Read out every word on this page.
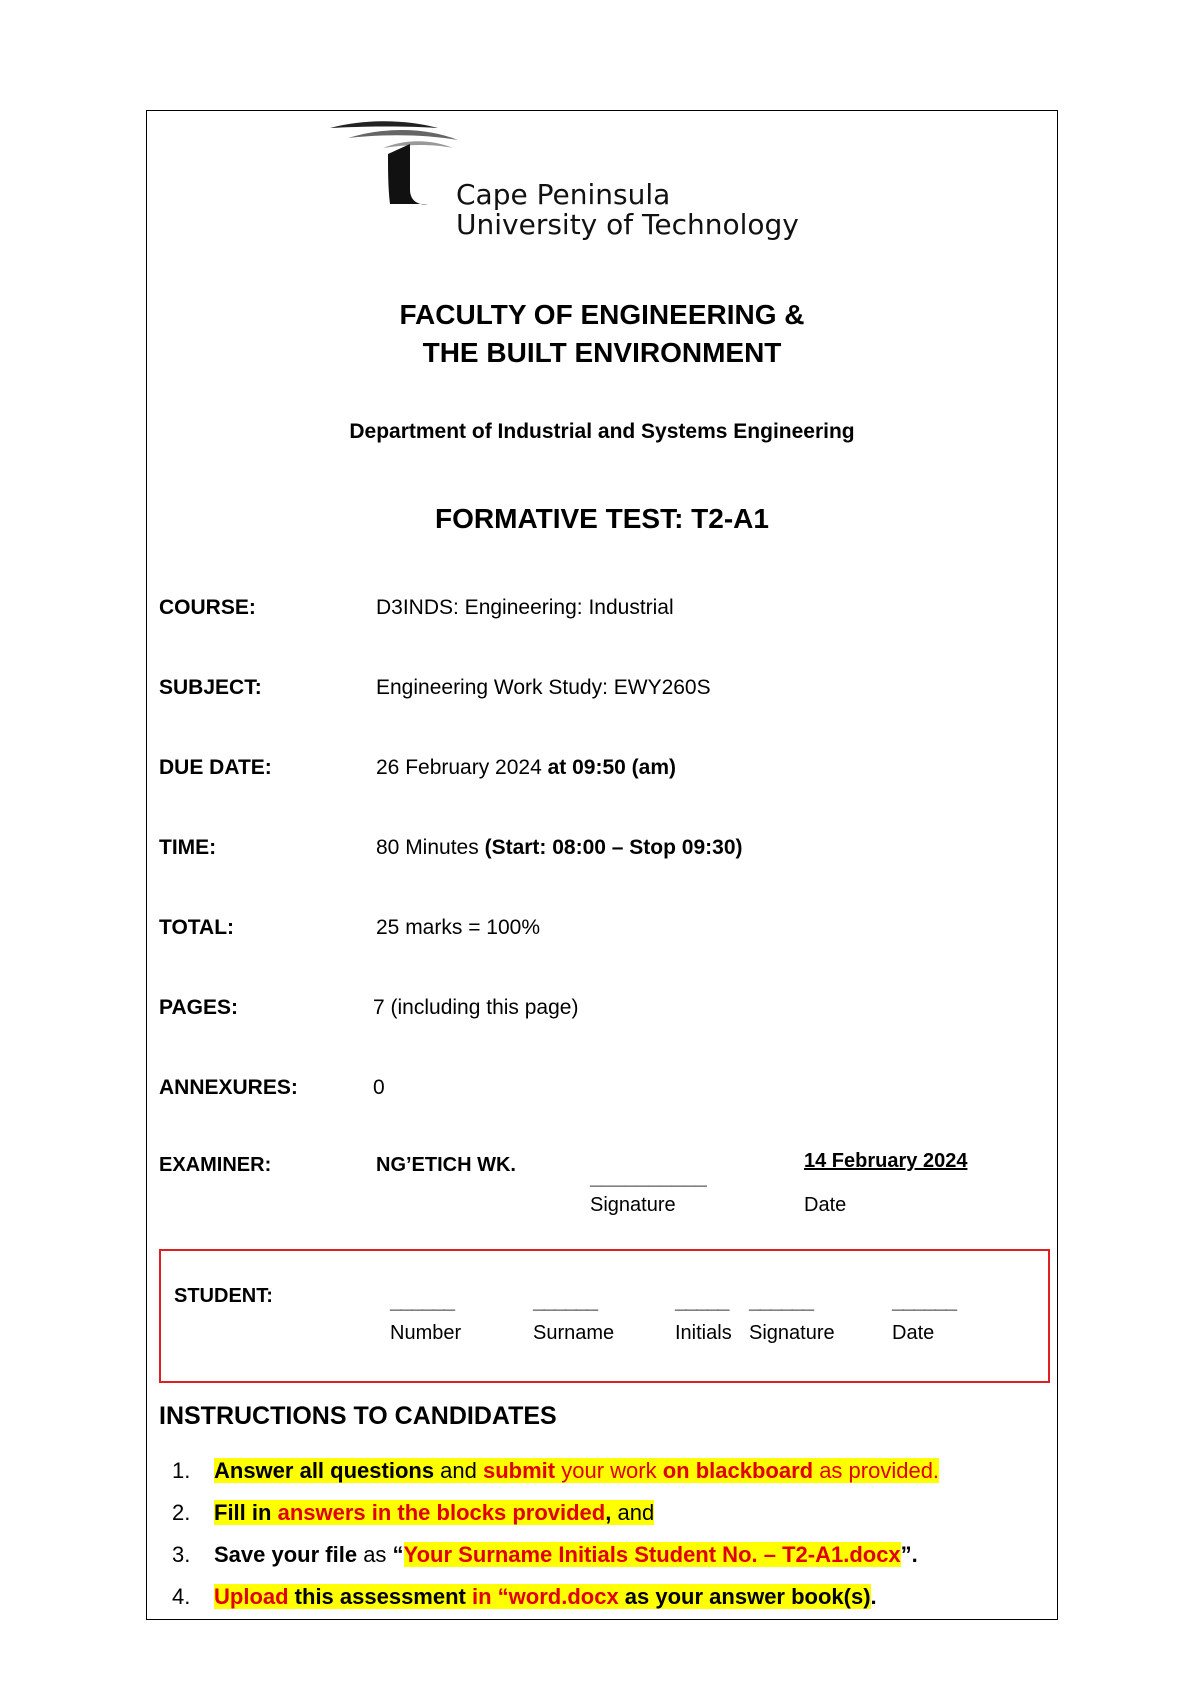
Cape Peninsula
University of Technology
FACULTY OF ENGINEERING &
THE BUILT ENVIRONMENT
Department of Industrial and Systems Engineering
FORMATIVE TEST: T2-A1
COURSE:	D3INDS: Engineering: Industrial
SUBJECT:	Engineering Work Study: EWY260S
DUE DATE:	26 February 2024 at 09:50 (am)
TIME:	80 Minutes (Start: 08:00 – Stop 09:30)
TOTAL:	25 marks = 100%
PAGES:	7 (including this page)
ANNEXURES:	0
EXAMINER:	NG’ETICH WK.
__________
Signature
14 February 2024
Date
STUDENT:	______	______	_____ ______	______
Number	Surname	Initials Signature	Date
INSTRUCTIONS TO CANDIDATES
1. Answer all questions and submit your work on blackboard as provided.
2. Fill in answers in the blocks provided, and
3. Save your file as “Your Surname Initials Student No. – T2-A1.docx”.
4. Upload this assessment in “word.docx as your answer book(s).
